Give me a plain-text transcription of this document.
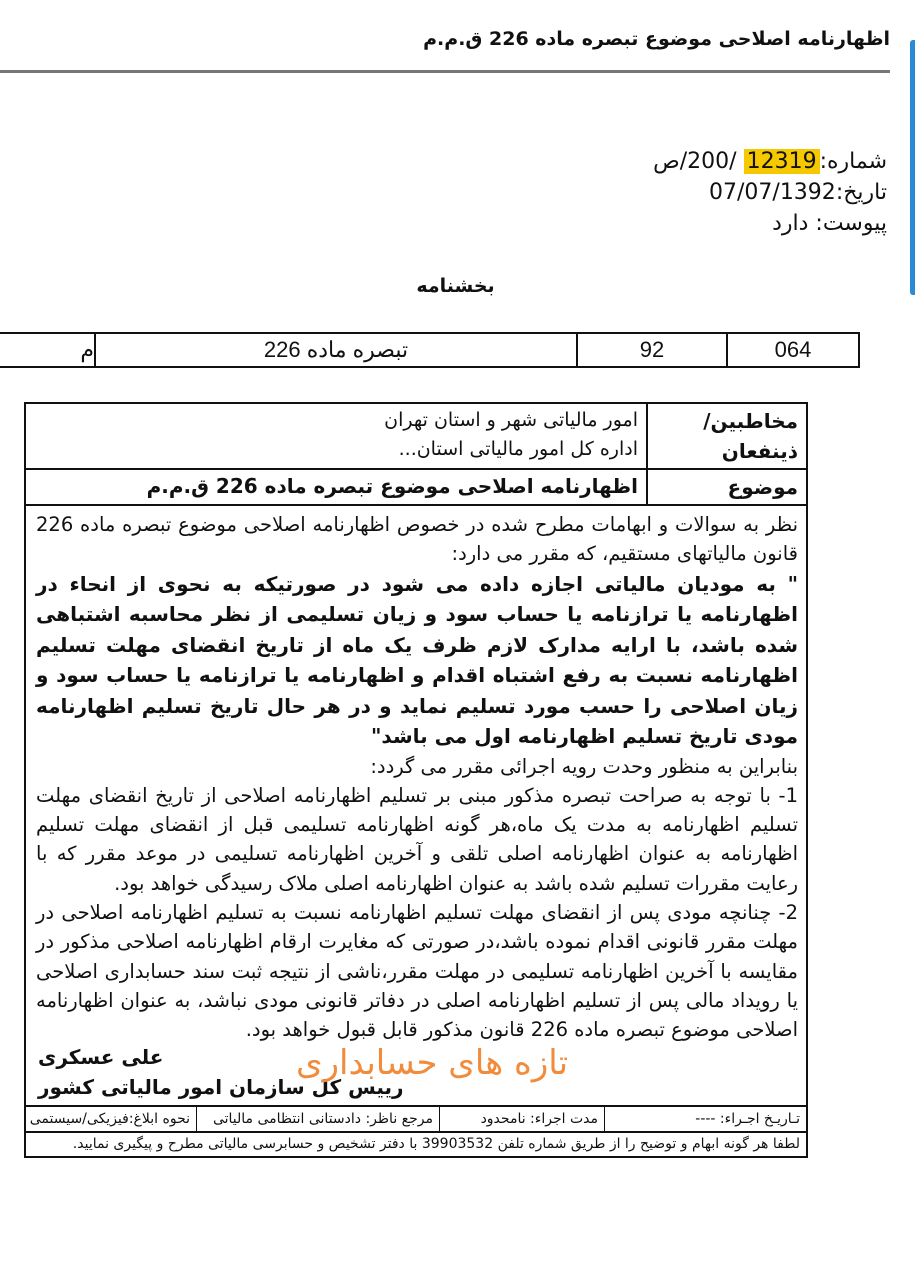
اظهارنامه اصلاحی موضوع تبصره ماده 226 ق.م.م
شماره:12319 /200/ص
تاریخ:07/07/1392
پیوست: دارد
بخشنامه
064
92
تبصره ماده 226
م
مخاطبین/ ذینفعان
امور مالیاتی شهر و استان تهران
اداره کل امور مالیاتی استان...
موضوع
اظهارنامه اصلاحی موضوع تبصره ماده 226 ق.م.م

نظر به سوالات و ابهامات مطرح شده در خصوص اظهارنامه اصلاحی موضوع تبصره ماده 226 قانون مالیاتهای مستقیم، که مقرر می دارد:

" به مودیان مالیاتی اجازه داده می شود در صورتیکه به نحوی از انحاء در اظهارنامه یا ترازنامه یا حساب سود و زیان تسلیمی از نظر محاسبه اشتباهی شده باشد، با ارایه مدارک لازم ظرف یک ماه از تاریخ انقضای مهلت تسلیم اظهارنامه نسبت به رفع اشتباه اقدام و اظهارنامه یا ترازنامه یا حساب سود و زیان اصلاحی را حسب مورد تسلیم نماید و در هر حال تاریخ تسلیم اظهارنامه مودی تاریخ تسلیم اظهارنامه اول می باشد"

بنابراین به منظور وحدت رویه اجرائی مقرر می گردد:

1- با توجه به صراحت تبصره مذکور مبنی بر تسلیم اظهارنامه اصلاحی از تاریخ انقضای مهلت تسلیم اظهارنامه به مدت یک ماه،هر گونه اظهارنامه تسلیمی قبل از انقضای مهلت تسلیم اظهارنامه به عنوان اظهارنامه اصلی تلقی و آخرین اظهارنامه تسلیمی در موعد مقرر که با رعایت مقررات تسلیم شده باشد به عنوان اظهارنامه اصلی ملاک رسیدگی خواهد بود.

2- چنانچه مودی پس از انقضای مهلت تسلیم اظهارنامه نسبت به تسلیم اظهارنامه اصلاحی در مهلت مقرر قانونی اقدام نموده باشد،در صورتی که مغایرت ارقام اظهارنامه اصلاحی مذکور در مقایسه با آخرین اظهارنامه تسلیمی در مهلت مقرر،ناشی از نتیجه ثبت سند حسابداری اصلاحی یا رویداد مالی پس از تسلیم اظهارنامه اصلی در دفاتر قانونی مودی نباشد، به عنوان اظهارنامه اصلاحی موضوع تبصره ماده 226 قانون مذکور قابل قبول خواهد بود.

علی عسکری
رییس کل سازمان امور مالیاتی کشور
تازه های حسابداری
تـاریـخ اجـراء: ----
مدت اجراء: نامحدود
مرجع ناظر: دادستانی انتظامی مالیاتی
نحوه ابلاغ:فیزیکی/سیستمی
لطفا هر گونه ابهام و توضیح را از طریق شماره تلفن 39903532 با دفتر تشخیص و حسابرسی مالیاتی مطرح و پیگیری نمایید.
